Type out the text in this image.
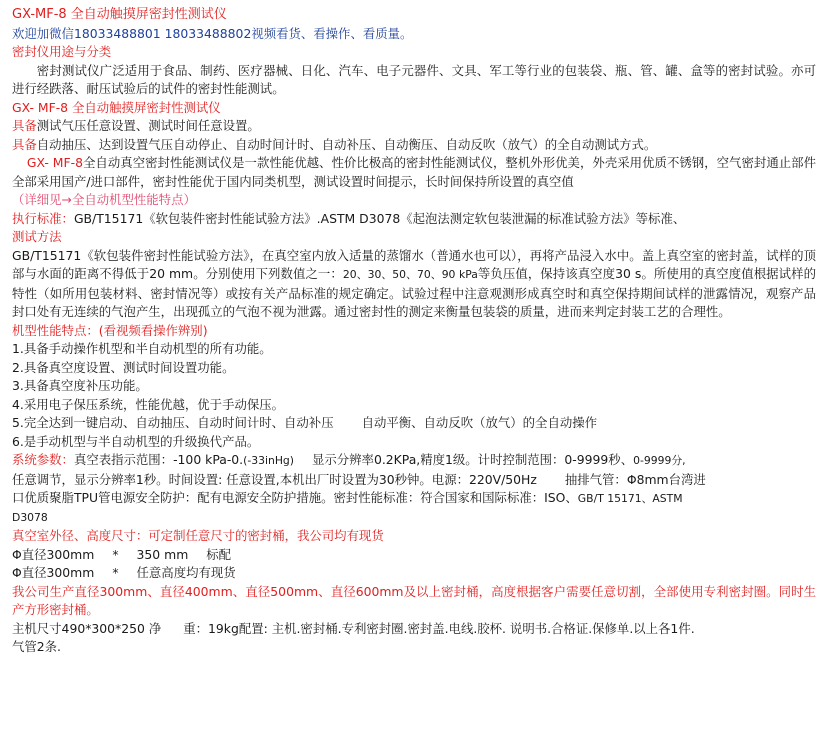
GX-MF-8 全自动触摸屏密封性测试仪
欢迎加微信18033488801 18033488802视频看货、看操作、看质量。
密封仪用途与分类
密封测试仪广泛适用于食品、制药、医疗器械、日化、汽车、电子元器件、文具、军工等行业的包装袋、瓶、管、罐、盒等的密封试验。亦可进行经跌落、耐压试验后的试件的密封性能测试。
GX- MF-8 全自动触摸屏密封性测试仪
具备测试气压任意设置、测试时间任意设置。
具备自动抽压、达到设置气压自动停止、自动时间计时、自动补压、自动衡压、自动反吹（放气）的全自动测试方式。
GX- MF-8全自动真空密封性能测试仪是一款性能优越、性价比极高的密封性能测试仪，整机外形优美，外壳采用优质不锈钢，空气密封通止部件全部采用国产/进口部件，密封性能优于国内同类机型，测试设置时间提示，长时间保持所设置的真空值
（详细见→全自动机型性能特点）
执行标准：GB/T15171《软包装件密封性能试验方法》.ASTM D3078《起泡法测定软包装泄漏的标准试验方法》等标准、
测试方法
GB/T15171《软包装件密封性能试验方法》，在真空室内放入适量的蒸馏水（普通水也可以），再将产品浸入水中。盖上真空室的密封盖，试样的顶部与水面的距离不得低于20 mm。分别使用下列数值之一：20、30、50、70、90 kPa等负压值，保持该真空度30 s。所使用的真空度值根据试样的特性（如所用包装材料、密封情况等）或按有关产品标准的规定确定。试验过程中注意观测形成真空时和真空保持期间试样的泄露情况，观察产品封口处有无连续的气泡产生，出现孤立的气泡不视为泄露。通过密封性的测定来衡量包装袋的质量，进而来判定封装工艺的合理性。
机型性能特点：(看视频看操作辨别)
1.具备手动操作机型和半自动机型的所有功能。
2.具备真空度设置、测试时间设置功能。
3.具备真空度补压功能。
4.采用电子保压系统，性能优越，优于手动保压。
5.完全达到一键启动、自动抽压、自动时间计时、自动补压 自动平衡、自动反吹（放气）的全自动操作
6.是手动机型与半自动机型的升级换代产品。
系统参数：真空表指示范围：-100 kPa-0.(-33inHg) 显示分辨率0.2KPa,精度1级。计时控制范围：0-9999秒、0-9999分,
任意调节，显示分辨率1秒。时间设置: 任意设置,本机出厂时设置为30秒钟。电源：220V/50Hz 抽排气管：Φ8mm台湾进
口优质聚脂TPU管电源安全防护：配有电源安全防护措施。密封性能标准：符合国家和国际标准：ISO、GB/T 15171、ASTM
D3078
真空室外径、高度尺寸：可定制任意尺寸的密封桶，我公司均有现货
Φ直径300mm * 350 mm 标配
Φ直径300mm * 任意高度均有现货
我公司生产直径300mm、直径400mm、直径500mm、直径600mm及以上密封桶，高度根据客户需要任意切割，全部使用专利密封圈。同时生产方形密封桶。
主机尺寸490*300*250 净 重：19kg配置: 主机.密封桶.专利密封圈.密封盖.电线.胶杯. 说明书.合格证.保修单.以上各1件.
气管2条.
